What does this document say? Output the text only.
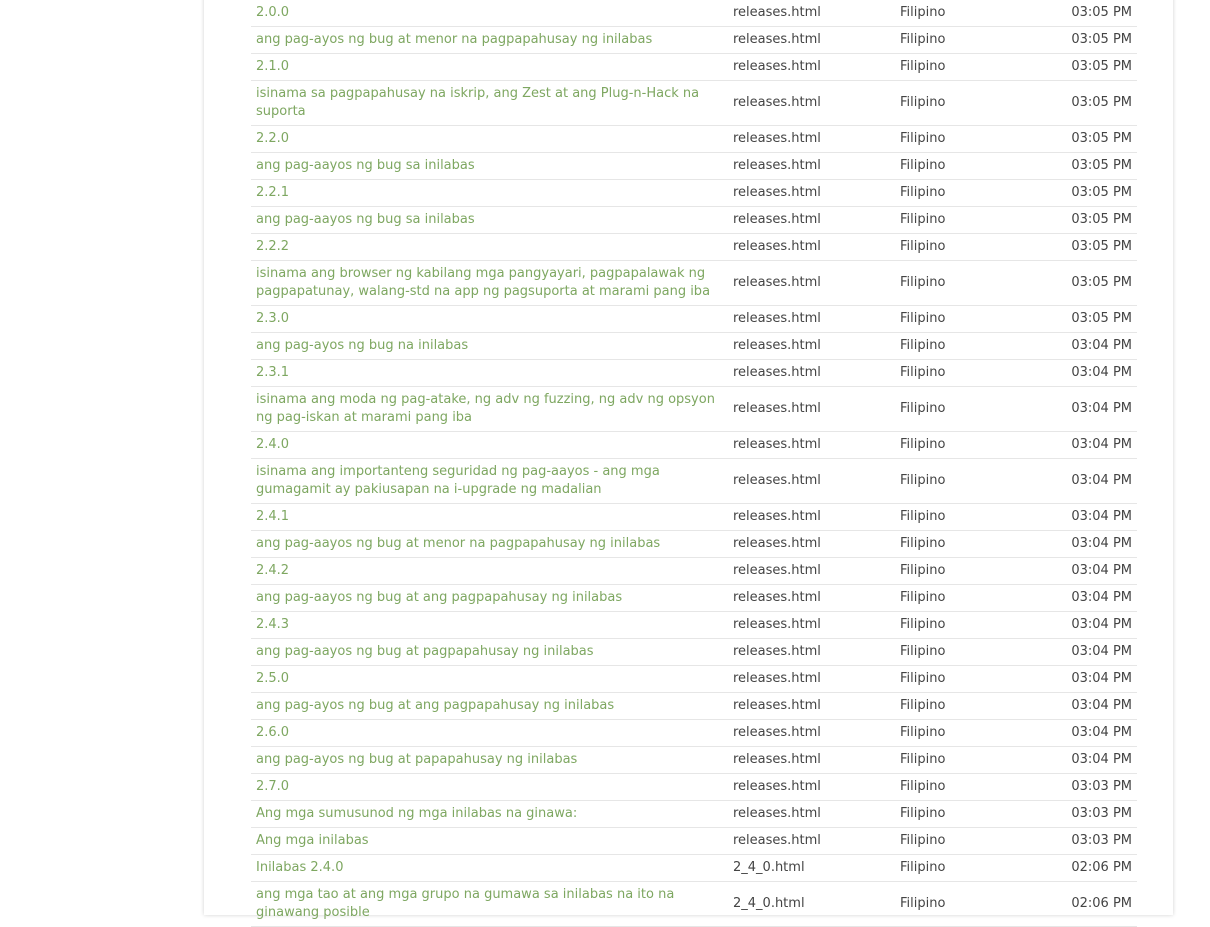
2.0.0	releases.html	Filipino	03:05 PM
ang pag-ayos ng bug at menor na pagpapahusay ng inilabas	releases.html	Filipino	03:05 PM
2.1.0	releases.html	Filipino	03:05 PM
isinama sa pagpapahusay na iskrip, ang Zest at ang Plug-n-Hack na suporta	releases.html	Filipino	03:05 PM
2.2.0	releases.html	Filipino	03:05 PM
ang pag-aayos ng bug sa inilabas	releases.html	Filipino	03:05 PM
2.2.1	releases.html	Filipino	03:05 PM
ang pag-aayos ng bug sa inilabas	releases.html	Filipino	03:05 PM
2.2.2	releases.html	Filipino	03:05 PM
isinama ang browser ng kabilang mga pangyayari, pagpapalawak ng pagpapatunay, walang-std na app ng pagsuporta at marami pang iba	releases.html	Filipino	03:05 PM
2.3.0	releases.html	Filipino	03:05 PM
ang pag-ayos ng bug na inilabas	releases.html	Filipino	03:04 PM
2.3.1	releases.html	Filipino	03:04 PM
isinama ang moda ng pag-atake, ng adv ng fuzzing, ng adv ng opsyon ng pag-iskan at marami pang iba	releases.html	Filipino	03:04 PM
2.4.0	releases.html	Filipino	03:04 PM
isinama ang importanteng seguridad ng pag-aayos - ang mga gumagamit ay pakiusapan na i-upgrade ng madalian	releases.html	Filipino	03:04 PM
2.4.1	releases.html	Filipino	03:04 PM
ang pag-aayos ng bug at menor na pagpapahusay ng inilabas	releases.html	Filipino	03:04 PM
2.4.2	releases.html	Filipino	03:04 PM
ang pag-aayos ng bug at ang pagpapahusay ng inilabas	releases.html	Filipino	03:04 PM
2.4.3	releases.html	Filipino	03:04 PM
ang pag-aayos ng bug at pagpapahusay ng inilabas	releases.html	Filipino	03:04 PM
2.5.0	releases.html	Filipino	03:04 PM
ang pag-ayos ng bug at ang pagpapahusay ng inilabas	releases.html	Filipino	03:04 PM
2.6.0	releases.html	Filipino	03:04 PM
ang pag-ayos ng bug at papapahusay ng inilabas	releases.html	Filipino	03:04 PM
2.7.0	releases.html	Filipino	03:03 PM
Ang mga sumusunod ng mga inilabas na ginawa:	releases.html	Filipino	03:03 PM
Ang mga inilabas	releases.html	Filipino	03:03 PM
Inilabas 2.4.0	2_4_0.html	Filipino	02:06 PM
ang mga tao at ang mga grupo na gumawa sa inilabas na ito na ginawang posible	2_4_0.html	Filipino	02:06 PM
